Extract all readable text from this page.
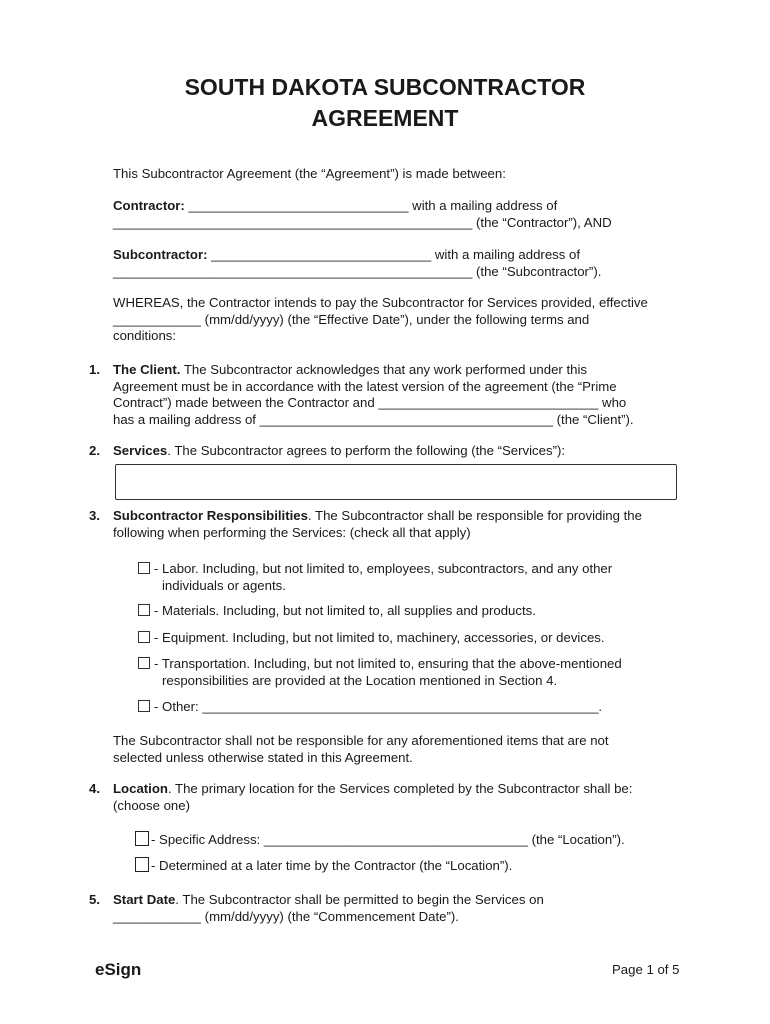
SOUTH DAKOTA SUBCONTRACTOR
AGREEMENT

This Subcontractor Agreement (the “Agreement”) is made between:

Contractor: ______________________________ with a mailing address of
_________________________________________________ (the “Contractor”), AND

Subcontractor: ______________________________ with a mailing address of
_________________________________________________ (the “Subcontractor”).

WHEREAS, the Contractor intends to pay the Subcontractor for Services provided, effective
____________ (mm/dd/yyyy) (the “Effective Date”), under the following terms and
conditions:

1. The Client. The Subcontractor acknowledges that any work performed under this
Agreement must be in accordance with the latest version of the agreement (the “Prime
Contract”) made between the Contractor and ______________________________ who
has a mailing address of ________________________________________ (the “Client”).

2. Services. The Subcontractor agrees to perform the following (the “Services”):

3. Subcontractor Responsibilities. The Subcontractor shall be responsible for providing the
following when performing the Services: (check all that apply)

- Labor. Including, but not limited to, employees, subcontractors, and any other
individuals or agents.
- Materials. Including, but not limited to, all supplies and products.
- Equipment. Including, but not limited to, machinery, accessories, or devices.
- Transportation. Including, but not limited to, ensuring that the above-mentioned
responsibilities are provided at the Location mentioned in Section 4.
- Other: ______________________________________________________.

The Subcontractor shall not be responsible for any aforementioned items that are not
selected unless otherwise stated in this Agreement.

4. Location. The primary location for the Services completed by the Subcontractor shall be:
(choose one)

- Specific Address: ____________________________________ (the “Location”).
- Determined at a later time by the Contractor (the “Location”).
5. Start Date. The Subcontractor shall be permitted to begin the Services on
____________ (mm/dd/yyyy) (the “Commencement Date”).

eSign	Page 1 of 5
